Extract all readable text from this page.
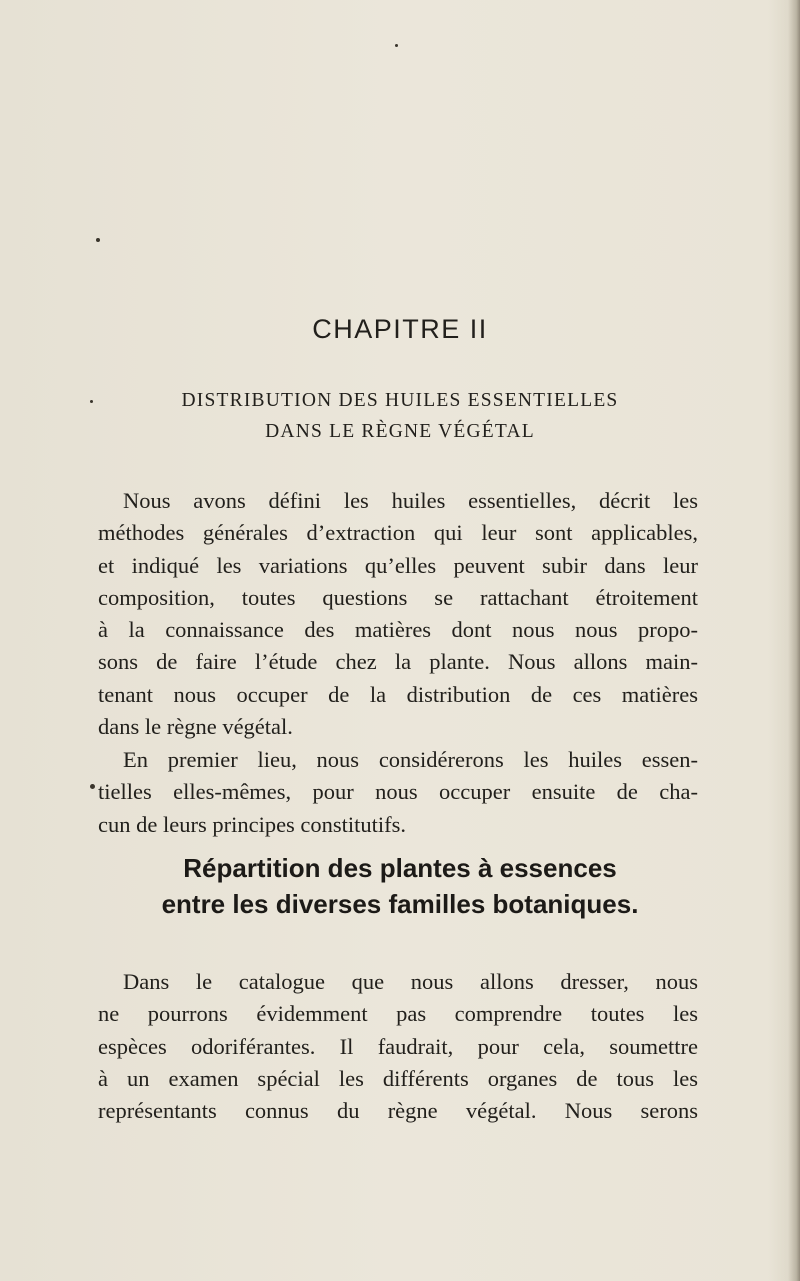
CHAPITRE II
DISTRIBUTION DES HUILES ESSENTIELLES
DANS LE RÈGNE VÉGÉTAL
Nous avons défini les huiles essentielles, décrit les
méthodes générales d’extraction qui leur sont applicables,
et indiqué les variations qu’elles peuvent subir dans leur
composition, toutes questions se rattachant étroitement
à la connaissance des matières dont nous nous propo-
sons de faire l’étude chez la plante. Nous allons main-
tenant nous occuper de la distribution de ces matières
dans le règne végétal.
En premier lieu, nous considérerons les huiles essen-
tielles elles-mêmes, pour nous occuper ensuite de cha-
cun de leurs principes constitutifs.
Répartition des plantes à essences
entre les diverses familles botaniques.
Dans le catalogue que nous allons dresser, nous
ne pourrons évidemment pas comprendre toutes les
espèces odoriférantes. Il faudrait, pour cela, soumettre
à un examen spécial les différents organes de tous les
représentants connus du règne végétal. Nous serons
